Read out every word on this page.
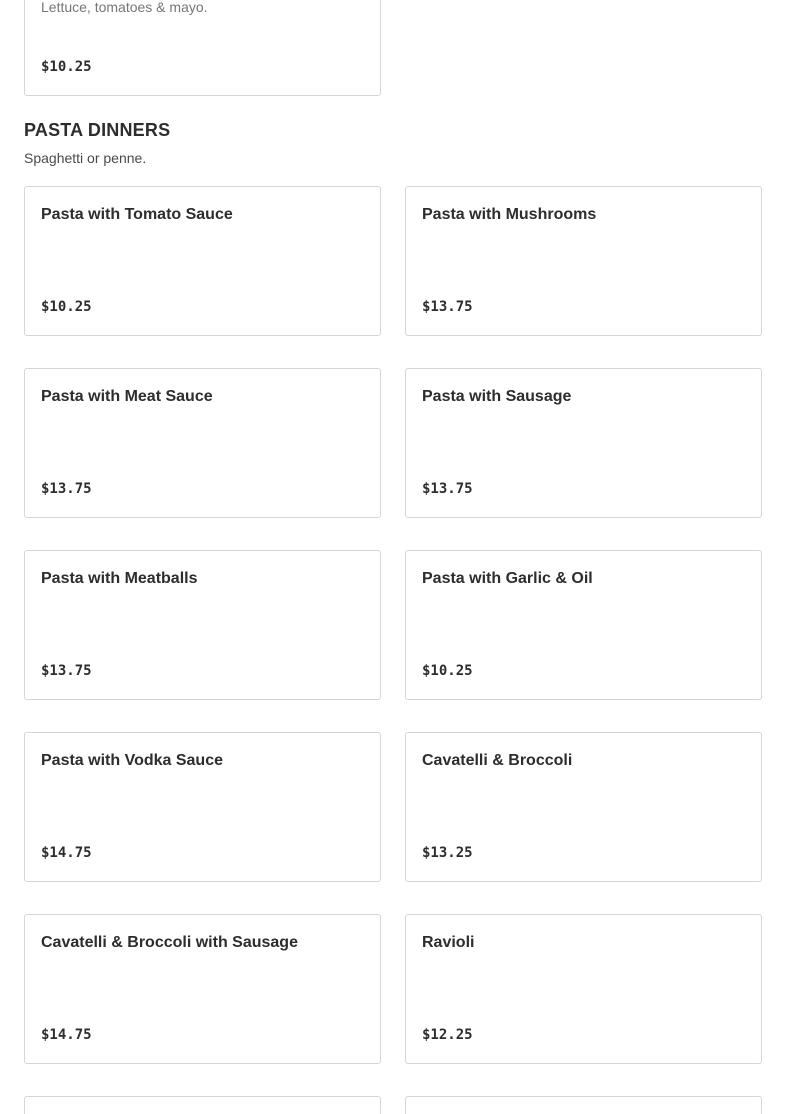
Lettuce, tomatoes & mayo.
$10.25
PASTA DINNERS
Spaghetti or penne.
Pasta with Tomato Sauce
$10.25
Pasta with Mushrooms
$13.75
Pasta with Meat Sauce
$13.75
Pasta with Sausage
$13.75
Pasta with Meatballs
$13.75
Pasta with Garlic & Oil
$10.25
Pasta with Vodka Sauce
$14.75
Cavatelli & Broccoli
$13.25
Cavatelli & Broccoli with Sausage
$14.75
Ravioli
$12.25
